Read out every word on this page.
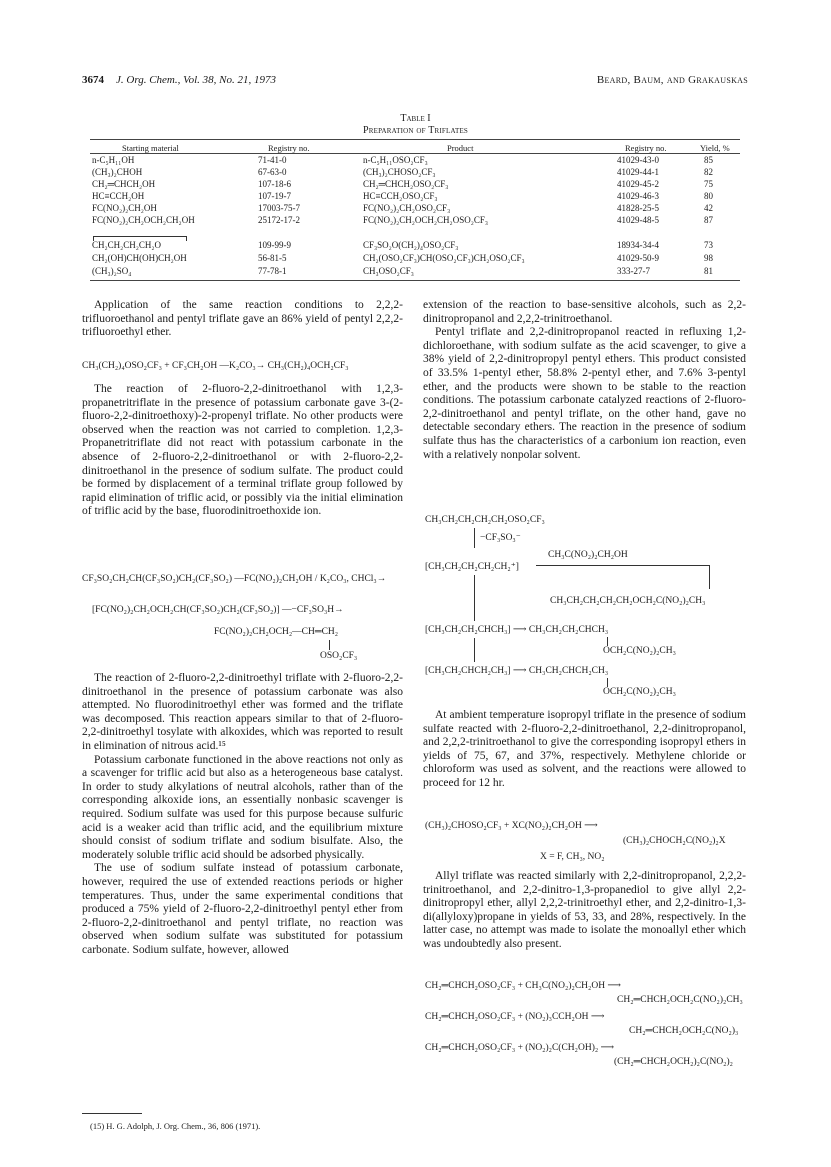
3674 J. Org. Chem., Vol. 38, No. 21, 1973	Beard, Baum, and Grakauskas
Table I
Preparation of Triflates
Starting material	Registry no.	Product	Registry no.	Yield, %
n-C₅H₁₁OH	71-41-0	n-C₅H₁₁OSO₂CF₃	41029-43-0	85
(CH₃)₂CHOH	67-63-0	(CH₃)₂CHOSO₂CF₃	41029-44-1	82
CH₂═CHCH₂OH	107-18-6	CH₂═CHCH₂OSO₂CF₃	41029-45-2	75
HC≡CCH₂OH	107-19-7	HC≡CCH₂OSO₂CF₃	41029-46-3	80
FC(NO₂)₂CH₂OH	17003-75-7	FC(NO₂)₂CH₂OSO₂CF₃	41828-25-5	42
FC(NO₂)₂CH₂OCH₂CH₂OH	25172-17-2	FC(NO₂)₂CH₂OCH₂CH₂OSO₂CF₃	41029-48-5	87
CH₂CH₂CH₂CH₂O	109-99-9	CF₃SO₂O(CH₂)₄OSO₂CF₃	18934-34-4	73
CH₂(OH)CH(OH)CH₂OH	56-81-5	CH₂(OSO₂CF₃)CH(OSO₂CF₃)CH₂OSO₂CF₃	41029-50-9	98
(CH₃)₂SO₄	77-78-1	CH₃OSO₂CF₃	333-27-7	81

Application of the same reaction conditions to 2,2,2-trifluoroethanol and pentyl triflate gave an 86% yield of pentyl 2,2,2-trifluoroethyl ether.

CH₃(CH₂)₄OSO₂CF₃ + CF₃CH₂OH —K₂CO₃→ CH₃(CH₂)₄OCH₂CF₃

The reaction of 2-fluoro-2,2-dinitroethanol with 1,2,3-propanetritriflate in the presence of potassium carbonate gave 3-(2-fluoro-2,2-dinitroethoxy)-2-propenyl triflate. No other products were observed when the reaction was not carried to completion. 1,2,3-Propanetritriflate did not react with potassium carbonate in the absence of 2-fluoro-2,2-dinitroethanol or with 2-fluoro-2,2-dinitroethanol in the presence of sodium sulfate. The product could be formed by displacement of a terminal triflate group followed by rapid elimination of triflic acid, or possibly via the initial elimination of triflic acid by the base, fluorodinitroethoxide ion.

CF₃SO₂CH₂CH(CF₃SO₂)CH₂(CF₃SO₂) —FC(NO₂)₂CH₂OH / K₂CO₃, CHCl₃→
[FC(NO₂)₂CH₂OCH₂CH(CF₃SO₂)CH₂(CF₃SO₂)] —−CF₃SO₃H→
FC(NO₂)₂CH₂OCH₂—CH═CH₂
OSO₂CF₃

The reaction of 2-fluoro-2,2-dinitroethyl triflate with 2-fluoro-2,2-dinitroethanol in the presence of potassium carbonate was also attempted. No fluorodinitroethyl ether was formed and the triflate was decomposed. This reaction appears similar to that of 2-fluoro-2,2-dinitroethyl tosylate with alkoxides, which was reported to result in elimination of nitrous acid.¹⁵

Potassium carbonate functioned in the above reactions not only as a scavenger for triflic acid but also as a heterogeneous base catalyst. In order to study alkylations of neutral alcohols, rather than of the corresponding alkoxide ions, an essentially nonbasic scavenger is required. Sodium sulfate was used for this purpose because sulfuric acid is a weaker acid than triflic acid, and the equilibrium mixture should consist of sodium triflate and sodium bisulfate. Also, the moderately soluble triflic acid should be adsorbed physically.

The use of sodium sulfate instead of potassium carbonate, however, required the use of extended reactions periods or higher temperatures. Thus, under the same experimental conditions that produced a 75% yield of 2-fluoro-2,2-dinitroethyl pentyl ether from 2-fluoro-2,2-dinitroethanol and pentyl triflate, no reaction was observed when sodium sulfate was substituted for potassium carbonate. Sodium sulfate, however, allowed

(15) H. G. Adolph, J. Org. Chem., 36, 806 (1971).

extension of the reaction to base-sensitive alcohols, such as 2,2-dinitropropanol and 2,2,2-trinitroethanol.

Pentyl triflate and 2,2-dinitropropanol reacted in refluxing 1,2-dichloroethane, with sodium sulfate as the acid scavenger, to give a 38% yield of 2,2-dinitropropyl pentyl ethers. This product consisted of 33.5% 1-pentyl ether, 58.8% 2-pentyl ether, and 7.6% 3-pentyl ether, and the products were shown to be stable to the reaction conditions. The potassium carbonate catalyzed reactions of 2-fluoro-2,2-dinitroethanol and pentyl triflate, on the other hand, gave no detectable secondary ethers. The reaction in the presence of sodium sulfate thus has the characteristics of a carbonium ion reaction, even with a relatively nonpolar solvent.

CH₃CH₂CH₂CH₂CH₂OSO₂CF₃
−CF₃SO₃⁻
[CH₃CH₂CH₂CH₂CH₂⁺]
CH₃C(NO₂)₂CH₂OH
CH₃CH₂CH₂CH₂CH₂OCH₂C(NO₂)₂CH₃
[CH₃CH₂CH₂CHCH₃] ⟶ CH₃CH₂CH₂CHCH₃
OCH₂C(NO₂)₂CH₃
[CH₃CH₂CHCH₂CH₃] ⟶ CH₃CH₂CHCH₂CH₃
OCH₂C(NO₂)₂CH₃

At ambient temperature isopropyl triflate in the presence of sodium sulfate reacted with 2-fluoro-2,2-dinitroethanol, 2,2-dinitropropanol, and 2,2,2-trinitroethanol to give the corresponding isopropyl ethers in yields of 75, 67, and 37%, respectively. Methylene chloride or chloroform was used as solvent, and the reactions were allowed to proceed for 12 hr.

(CH₃)₂CHOSO₂CF₃ + XC(NO₂)₂CH₂OH ⟶
(CH₃)₂CHOCH₂C(NO₂)₂X
X = F, CH₃, NO₂

Allyl triflate was reacted similarly with 2,2-dinitropropanol, 2,2,2-trinitroethanol, and 2,2-dinitro-1,3-propanediol to give allyl 2,2-dinitropropyl ether, allyl 2,2,2-trinitroethyl ether, and 2,2-dinitro-1,3-di(allyloxy)propane in yields of 53, 33, and 28%, respectively. In the latter case, no attempt was made to isolate the monoallyl ether which was undoubtedly also present.

CH₂═CHCH₂OSO₂CF₃ + CH₃C(NO₂)₂CH₂OH ⟶
CH₂═CHCH₂OCH₂C(NO₂)₂CH₃
CH₂═CHCH₂OSO₂CF₃ + (NO₂)₃CCH₂OH ⟶
CH₂═CHCH₂OCH₂C(NO₂)₃
CH₂═CHCH₂OSO₂CF₃ + (NO₂)₂C(CH₂OH)₂ ⟶
(CH₂═CHCH₂OCH₂)₂C(NO₂)₂
